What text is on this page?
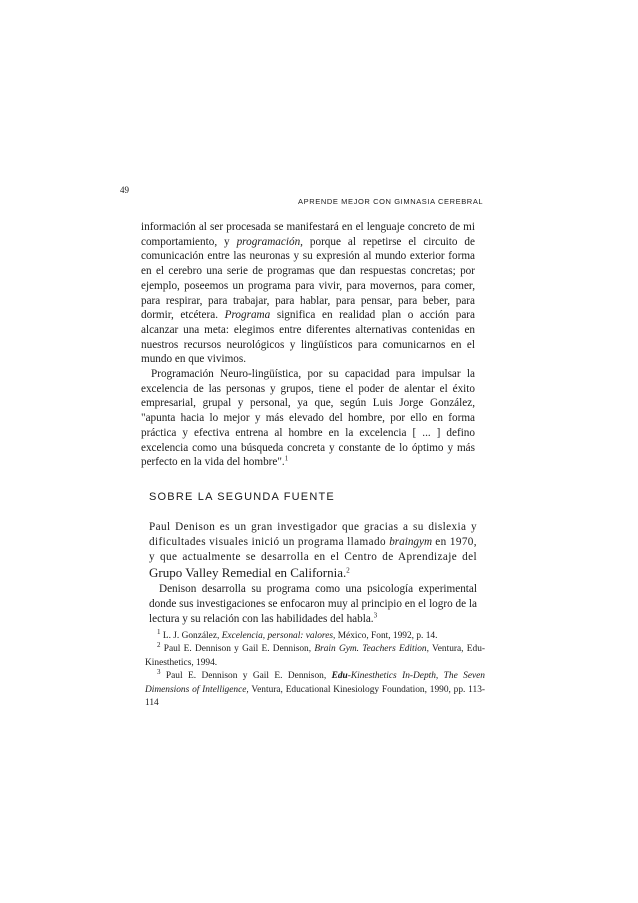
49
APRENDE MEJOR CON GIMNASIA CEREBRAL

información al ser procesada se manifestará en el lenguaje concreto de mi comportamiento, y programación, porque al repetirse el circuito de comunicación entre las neuronas y su expresión al mundo exterior forma en el cerebro una serie de programas que dan respuestas concretas; por ejemplo, poseemos un programa para vivir, para movernos, para comer, para respirar, para trabajar, para hablar, para pensar, para beber, para dormir, etcétera. Programa significa en realidad plan o acción para alcanzar una meta: elegimos entre diferentes alternativas contenidas en nuestros recursos neurológicos y lingüísticos para comunicarnos en el mundo en que vivimos.

Programación Neuro-lingüística, por su capacidad para impulsar la excelencia de las personas y grupos, tiene el poder de alentar el éxito empresarial, grupal y personal, ya que, según Luis Jorge González, "apunta hacia lo mejor y más elevado del hombre, por ello en forma práctica y efectiva entrena al hombre en la excelencia [ ... ] defino excelencia como una búsqueda concreta y constante de lo óptimo y más perfecto en la vida del hombre".$^1$

SOBRE LA SEGUNDA FUENTE

Paul Denison es un gran investigador que gracias a su dislexia y dificultades visuales inició un programa llamado braingym en 1970, y que actualmente se desarrolla en el Centro de Aprendizaje del Grupo Valley Remedial en California.$^2$

Denison desarrolla su programa como una psicología experimental donde sus investigaciones se enfocaron muy al principio en el logro de la lectura y su relación con las habilidades del habla.$^3$

$^1$ L. J. González, Excelencia, personal: valores, México, Font, 1992, p. 14.

$^2$ Paul E. Dennison y Gail E. Dennison, Brain Gym. Teachers Edition, Ventura, Edu-Kinesthetics, 1994.

$^3$ Paul E. Dennison y Gail E. Dennison, Edu-Kinesthetics In-Depth, The Seven Dimensions of Intelligence, Ventura, Educational Kinesiology Foundation, 1990, pp. 113-114
